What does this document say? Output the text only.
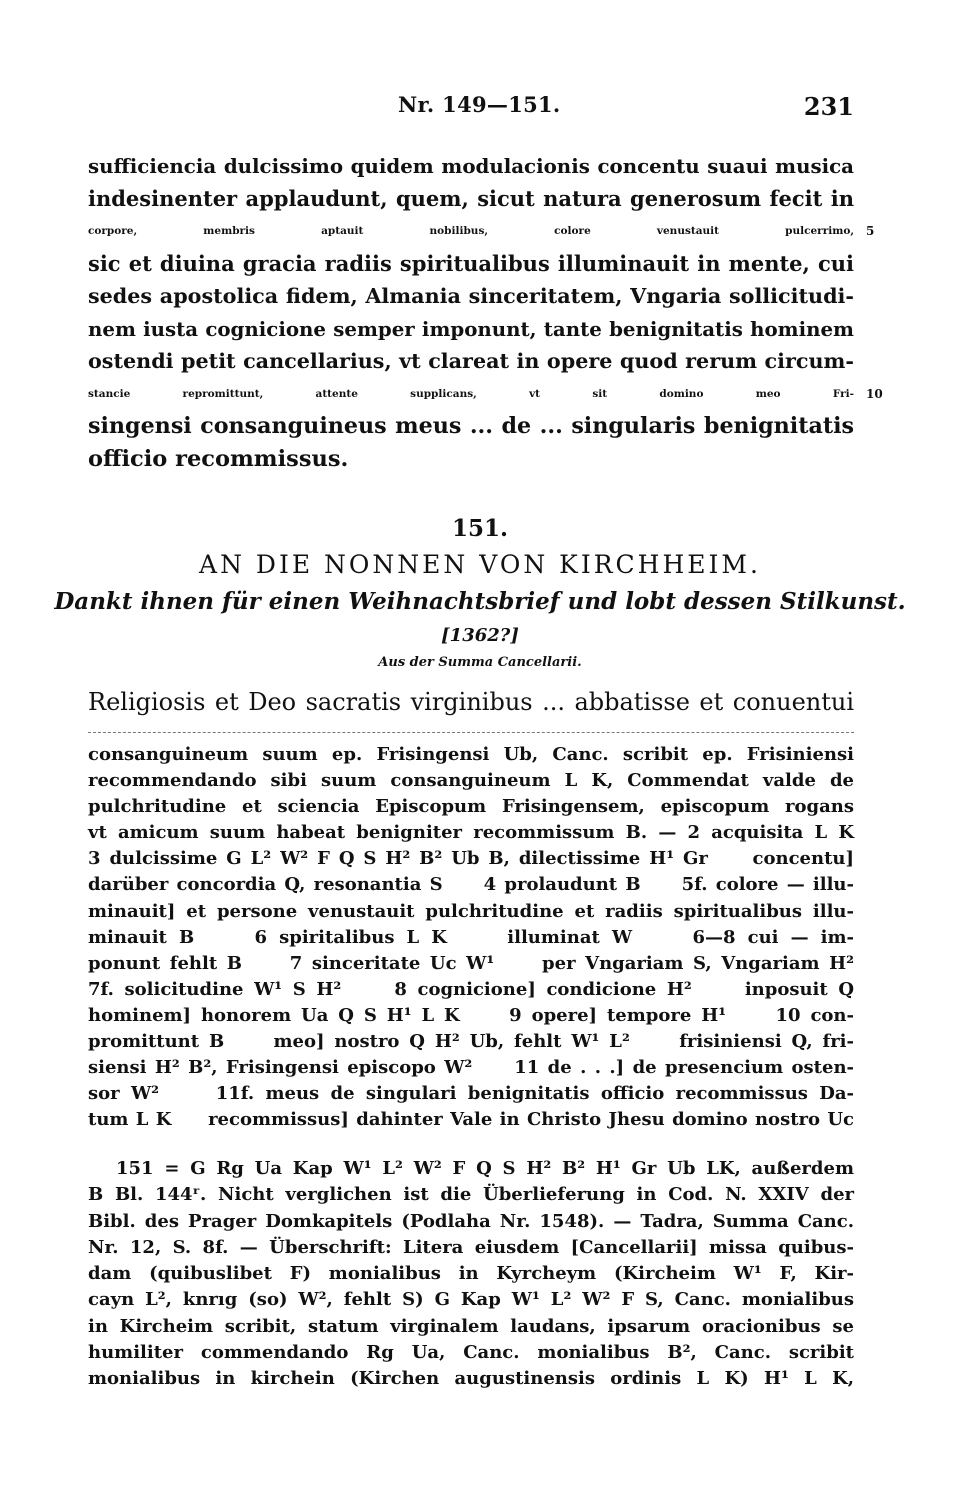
Nr. 149—151.	231
sufficiencia dulcissimo quidem modulacionis concentu suaui musica
indesinenter applaudunt, quem, sicut natura generosum fecit in
corpore, membris aptauit nobilibus, colore venustauit pulcerrimo, 5
sic et diuina gracia radiis spiritualibus illuminauit in mente, cui
sedes apostolica fidem, Almania sinceritatem, Vngaria sollicitudi-
nem iusta cognicione semper imponunt, tante benignitatis hominem
ostendi petit cancellarius, vt clareat in opere quod rerum circum-
stancie repromittunt, attente supplicans, vt sit domino meo Fri- 10
singensi consanguineus meus ... de ... singularis benignitatis
officio recommissus.
151.
AN DIE NONNEN VON KIRCHHEIM.
Dankt ihnen für einen Weihnachtsbrief und lobt dessen Stilkunst.
[1362?]
Aus der Summa Cancellarii.
Religiosis et Deo sacratis virginibus ... abbatisse et conuentui
consanguineum suum ep. Frisingensi Ub, Canc. scribit ep. Frisiniensi
recommendando sibi suum consanguineum L K, Commendat valde de
pulchritudine et sciencia Episcopum Frisingensem, episcopum rogans
vt amicum suum habeat benigniter recommissum B. — 2 acquisita L K
3 dulcissime G L² W² F Q S H² B² Ub B, dilectissime H¹ Gr     concentu]
darüber concordia Q, resonantia S     4 prolaudunt B     5f. colore — illu-
minauit] et persone venustauit pulchritudine et radiis spiritualibus illu-
minauit B     6 spiritalibus L K     illuminat W     6—8 cui — im-
ponunt fehlt B     7 sinceritate Uc W¹     per Vngariam S, Vngariam H²
7f. solicitudine W¹ S H²     8 cognicione] condicione H²     inposuit Q
hominem] honorem Ua Q S H¹ L K     9 opere] tempore H¹     10 con-
promittunt B     meo] nostro Q H² Ub, fehlt W¹ L²     frisiniensi Q, fri-
siensi H² B², Frisingensi episcopo W²     11 de . . .] de presencium osten-
sor W²     11f. meus de singulari benignitatis officio recommissus Da-
tum L K     recommissus] dahinter Vale in Christo Jhesu domino nostro Uc
151 = G Rg Ua Kap W¹ L² W² F Q S H² B² H¹ Gr Ub LK, außerdem
B Bl. 144ʳ. Nicht verglichen ist die Überlieferung in Cod. N. XXIV der
Bibl. des Prager Domkapitels (Podlaha Nr. 1548). — Tadra, Summa Canc.
Nr. 12, S. 8f. — Überschrift: Litera eiusdem [Cancellarii] missa quibus-
dam (quibuslibet F) monialibus in Kyrcheym (Kircheim W¹ F, Kir-
cayn L², knrıg (so) W², fehlt S) G Kap W¹ L² W² F S, Canc. monialibus
in Kircheim scribit, statum virginalem laudans, ipsarum oracionibus se
humiliter commendando Rg Ua, Canc. monialibus B², Canc. scribit
monialibus in kirchein (Kirchen augustinensis ordinis L K) H¹ L K,
